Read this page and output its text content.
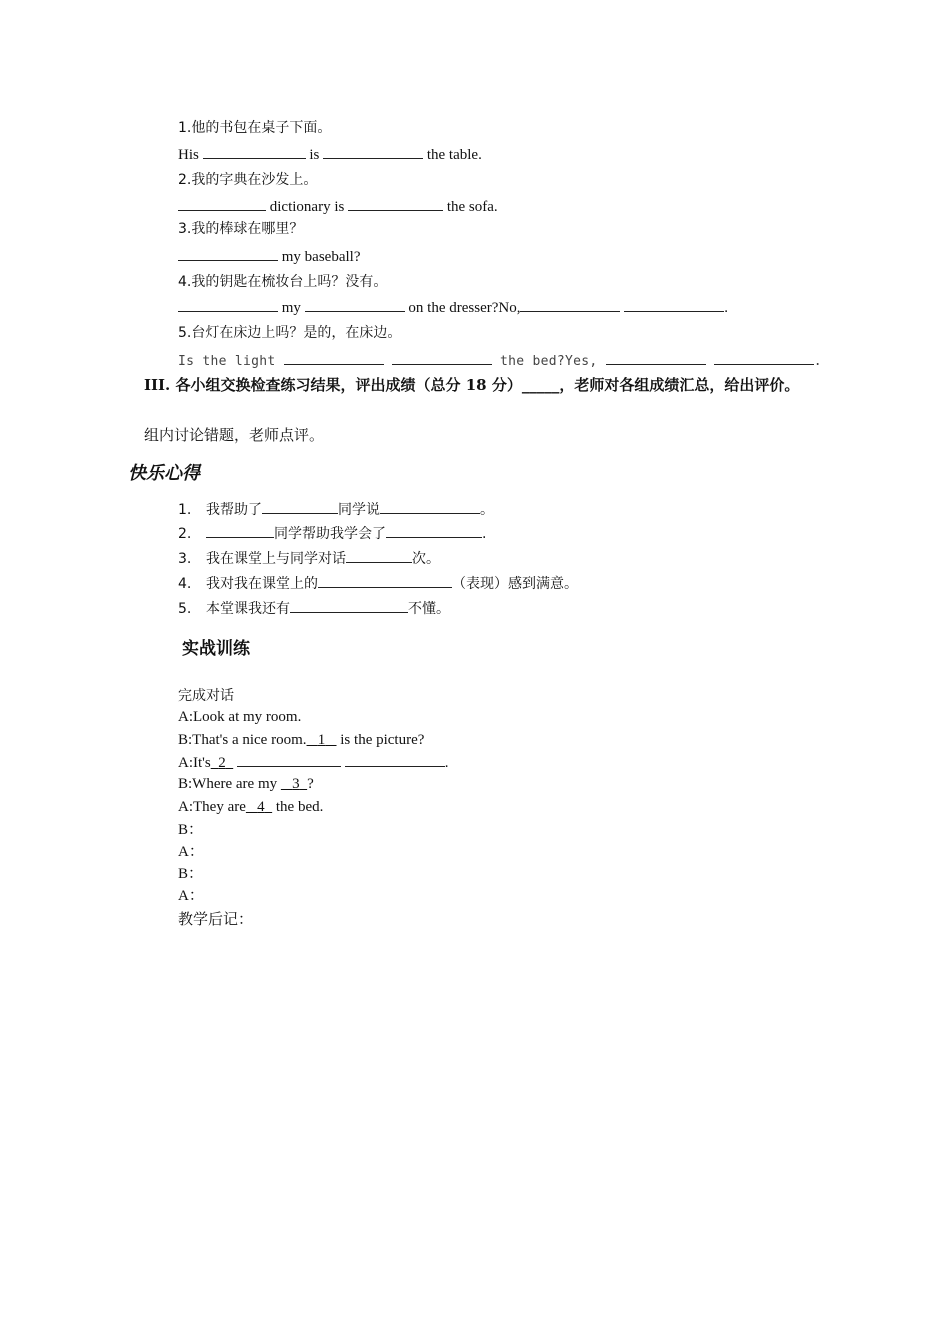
1.他的书包在桌子下面。
His	is	the table.
2.我的字典在沙发上。
dictionary is	the sofa.
3.我的棒球在哪里？
my baseball?
4.我的钥匙在梳妆台上吗？没有。
my	on the dresser?No,	.
5.台灯在床边上吗？是的，在床边。
Is the light	the bed?Yes,	.
III. 各小组交换检查练习结果，评出成绩（总分 18 分）_____，老师对各组成绩汇总，给出评价。
组内讨论错题，老师点评。
快乐心得
1. 我帮助了	同学说	。
2.	同学帮助我学会了	.
3. 我在课堂上与同学对话	次。
4. 我对我在课堂上的	（表现）感到满意。
5. 本堂课我还有	不懂。
实战训练
完成对话
A:Look at my room.
B:That's a nice room. 1 is the picture?
A:It's 2	.
B:Where are my 3 ?
A:They are 4 the bed.
B：
A：
B：
A：
教学后记：
